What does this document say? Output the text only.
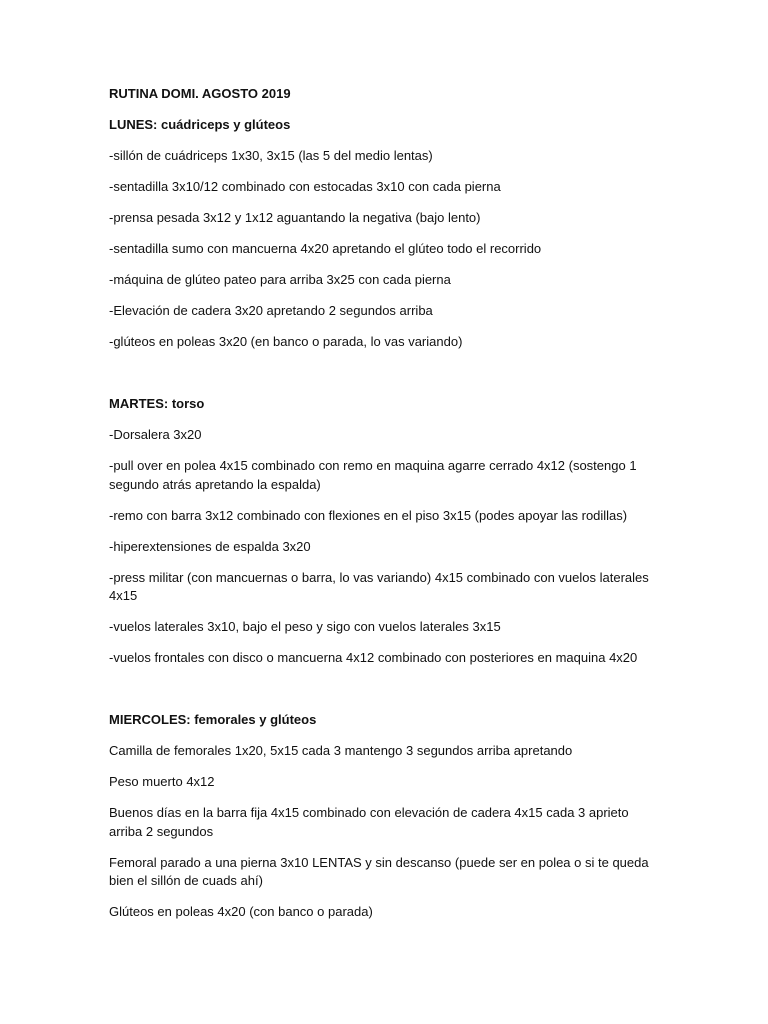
RUTINA DOMI. AGOSTO 2019

LUNES: cuádriceps y glúteos

-sillón de cuádriceps 1x30, 3x15 (las 5 del medio lentas)

-sentadilla 3x10/12 combinado con estocadas 3x10 con cada pierna

-prensa pesada 3x12 y 1x12 aguantando la negativa (bajo lento)

-sentadilla sumo con mancuerna 4x20 apretando el glúteo todo el recorrido

-máquina de glúteo pateo para arriba 3x25 con cada pierna

-Elevación de cadera 3x20 apretando 2 segundos arriba

-glúteos en poleas 3x20 (en banco o parada, lo vas variando)

MARTES: torso

-Dorsalera 3x20

-pull over en polea 4x15 combinado con remo en maquina agarre cerrado 4x12 (sostengo 1 segundo atrás apretando la espalda)

-remo con barra 3x12 combinado con flexiones en el piso 3x15 (podes apoyar las rodillas)

-hiperextensiones de espalda 3x20

-press militar (con mancuernas o barra, lo vas variando) 4x15 combinado con vuelos laterales 4x15

-vuelos laterales 3x10, bajo el peso y sigo con vuelos laterales 3x15

-vuelos frontales con disco o mancuerna 4x12 combinado con posteriores en maquina 4x20

MIERCOLES: femorales y glúteos

Camilla de femorales 1x20, 5x15 cada 3 mantengo 3 segundos arriba apretando

Peso muerto 4x12

Buenos días en la barra fija 4x15 combinado con elevación de cadera 4x15 cada 3 aprieto arriba 2 segundos

Femoral parado a una pierna 3x10 LENTAS y sin descanso (puede ser en polea o si te queda bien el sillón de cuads ahí)

Glúteos en poleas 4x20 (con banco o parada)
